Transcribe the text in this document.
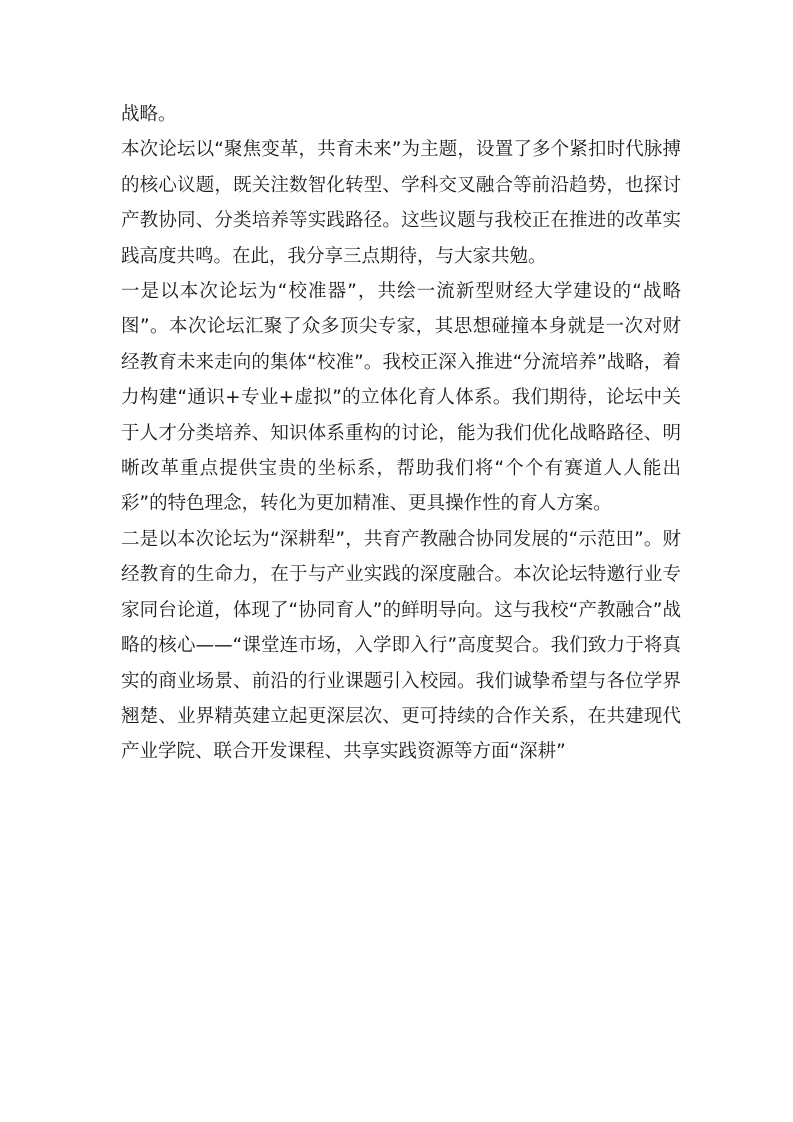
战略。

本次论坛以“聚焦变革，共育未来”为主题，设置了多个紧扣时代脉搏的核心议题，既关注数智化转型、学科交叉融合等前沿趋势，也探讨产教协同、分类培养等实践路径。这些议题与我校正在推进的改革实践高度共鸣。在此，我分享三点期待，与大家共勉。

一是以本次论坛为“校准器”，共绘一流新型财经大学建设的“战略图”。本次论坛汇聚了众多顶尖专家，其思想碰撞本身就是一次对财经教育未来走向的集体“校准”。我校正深入推进“分流培养”战略，着力构建“通识+专业+虚拟”的立体化育人体系。我们期待，论坛中关于人才分类培养、知识体系重构的讨论，能为我们优化战略路径、明晰改革重点提供宝贵的坐标系，帮助我们将“个个有赛道人人能出彩”的特色理念，转化为更加精准、更具操作性的育人方案。

二是以本次论坛为“深耕犁”，共育产教融合协同发展的“示范田”。财经教育的生命力，在于与产业实践的深度融合。本次论坛特邀行业专家同台论道，体现了“协同育人”的鲜明导向。这与我校“产教融合”战略的核心——“课堂连市场，入学即入行”高度契合。我们致力于将真实的商业场景、前沿的行业课题引入校园。我们诚挚希望与各位学界翘楚、业界精英建立起更深层次、更可持续的合作关系，在共建现代产业学院、联合开发课程、共享实践资源等方面“深耕”
